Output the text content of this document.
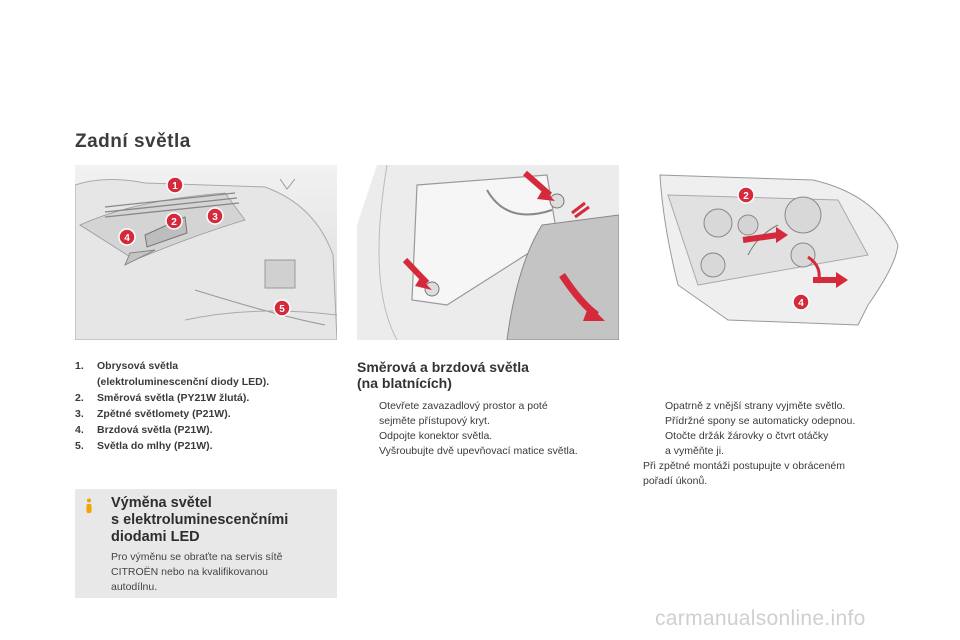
Zadní světla
1
2	3
4
5
2
4
1.	Obrysová světla
(elektroluminescenční diody LED).
2.	Směrová světla (PY21W žlutá).
3.	Zpětné světlomety (P21W).
4.	Brzdová světla (P21W).
5.	Světla do mlhy (P21W).
Výměna světel
s elektroluminescenčními
diodami LED
Pro výměnu se obraťte na servis sítě
CITROËN nebo na kvalifikovanou
autodílnu.
Směrová a brzdová světla
(na blatnících)
Otevřete zavazadlový prostor a poté
sejměte přístupový kryt.
Odpojte konektor světla.
Vyšroubujte dvě upevňovací matice světla.
Opatrně z vnější strany vyjměte světlo.
Přídržné spony se automaticky odepnou.
Otočte držák žárovky o čtvrt otáčky
a vyměňte ji.
Při zpětné montáži postupujte v obráceném
pořadí úkonů.
carmanualsonline.info
